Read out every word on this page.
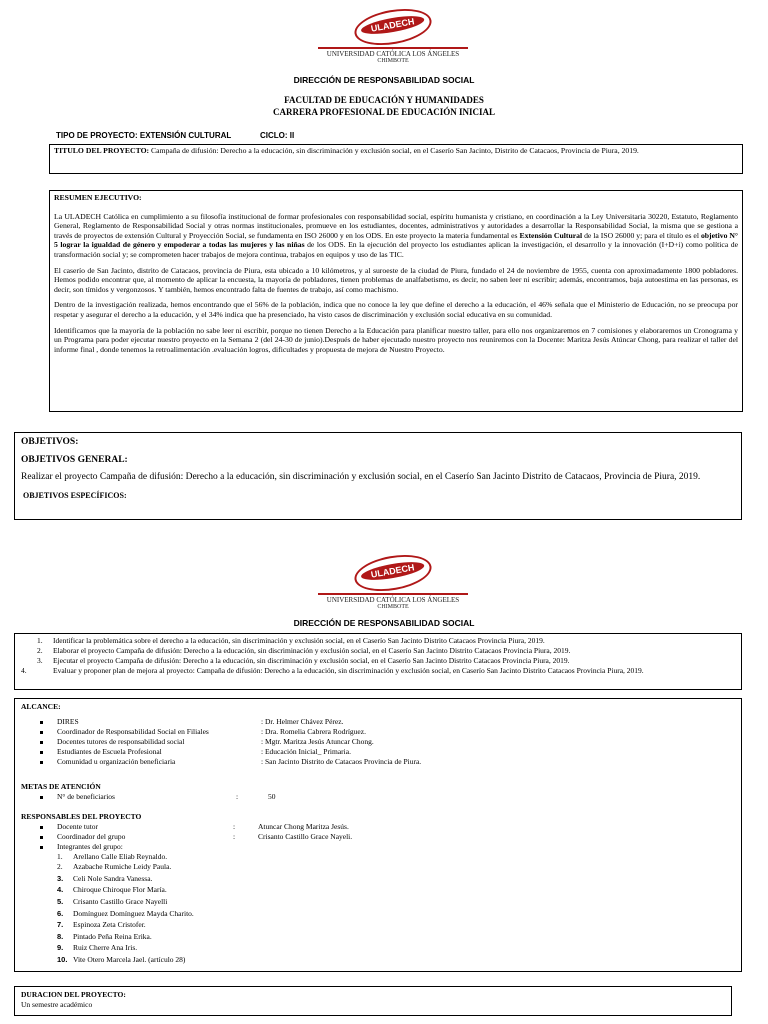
ULADECH
UNIVERSIDAD CATÓLICA LOS ÁNGELES
CHIMBOTE
DIRECCIÓN DE RESPONSABILIDAD SOCIAL
FACULTAD DE EDUCACIÓN Y HUMANIDADES
CARRERA PROFESIONAL DE EDUCACIÓN INICIAL
TIPO DE PROYECTO: EXTENSIÓN CULTURAL	CICLO: II

TITULO DEL PROYECTO: Campaña de difusión: Derecho a la educación, sin discriminación y exclusión social, en el Caserío San Jacinto, Distrito de Catacaos, Provincia de Piura, 2019.

RESUMEN EJECUTIVO:

La ULADECH Católica en cumplimiento a su filosofía institucional de formar profesionales con responsabilidad social, espíritu humanista y cristiano, en coordinación a la Ley Universitaria 30220, Estatuto, Reglamento General, Reglamento de Responsabilidad Social y otras normas institucionales, promueve en los estudiantes, docentes, administrativos y autoridades a desarrollar la Responsabilidad Social, la misma que se gestiona a través de proyectos de extensión Cultural y Proyección Social, se fundamenta en ISO 26000 y en los ODS. En este proyecto la materia fundamental es Extensión Cultural de la ISO 26000 y; para el título es el objetivo N° 5 lograr la igualdad de género y empoderar a todas las mujeres y las niñas de los ODS. En la ejecución del proyecto los estudiantes aplican la investigación, el desarrollo y la innovación (I+D+i) como política de transformación social y; se comprometen hacer trabajos de mejora continua, trabajos en equipos y uso de las TIC.

El caserío de San Jacinto, distrito de Catacaos, provincia de Piura, esta ubicado a 10 kilómetros, y al suroeste de la ciudad de Piura, fundado el 24 de noviembre de 1955, cuenta con aproximadamente 1800 pobladores. Hemos podido encontrar que, al momento de aplicar la encuesta, la mayoría de pobladores, tienen problemas de analfabetismo, es decir, no saben leer ni escribir; además, encontramos, baja autoestima en las personas, es decir, son tímidos y vergonzosos. Y también, hemos encontrado falta de fuentes de trabajo, así como machismo.

Dentro de la investigación realizada, hemos encontrando que el 56% de la población, indica que no conoce la ley que define el derecho a la educación, el 46% señala que el Ministerio de Educación, no se preocupa por respetar y asegurar el derecho a la educación, y el 34% indica que ha presenciado, ha visto casos de discriminación y exclusión social educativa en su comunidad.

Identificamos que la mayoría de la población no sabe leer ni escribir, porque no tienen Derecho a la Educación para planificar nuestro taller, para ello nos organizaremos en 7 comisiones y elaboraremos un Cronograma y un Programa para poder ejecutar nuestro proyecto en la Semana 2 (del 24-30 de junio).Después de haber ejecutado nuestro proyecto nos reuniremos con la Docente: Maritza Jesús Atúncar Chong, para realizar el taller del informe final , donde tenemos la retroalimentación .evaluación logros, dificultades y propuesta de mejora de Nuestro Proyecto.

OBJETIVOS:

OBJETIVOS GENERAL:

Realizar el proyecto Campaña de difusión: Derecho a la educación, sin discriminación y exclusión social, en el Caserío San Jacinto Distrito de Catacaos, Provincia de Piura, 2019.

OBJETIVOS ESPECÍFICOS:

ULADECH
UNIVERSIDAD CATÓLICA LOS ÁNGELES
CHIMBOTE
DIRECCIÓN DE RESPONSABILIDAD SOCIAL
1. Identificar la problemática sobre el derecho a la educación, sin discriminación y exclusión social, en el Caserío San Jacinto Distrito Catacaos Provincia Piura, 2019.
2. Elaborar el proyecto Campaña de difusión: Derecho a la educación, sin discriminación y exclusión social, en el Caserío San Jacinto Distrito Catacaos Provincia Piura, 2019.
3. Ejecutar el proyecto Campaña de difusión: Derecho a la educación, sin discriminación y exclusión social, en el Caserío San Jacinto Distrito Catacaos Provincia Piura, 2019.
4.	Evaluar y proponer plan de mejora al proyecto: Campaña de difusión: Derecho a la educación, sin discriminación y exclusión social, en Caserío San Jacinto Distrito Catacaos Provincia Piura, 2019.
ALCANCE:
DIRES	: Dr. Helmer Chávez Pérez.
Coordinador de Responsabilidad Social en Filiales	: Dra. Romelia Cabrera Rodríguez.
Docentes tutores de responsabilidad social	: Mgtr. Maritza Jesús Atuncar Chong.
Estudiantes de Escuela Profesional	: Educación Inicial_ Primaria.
Comunidad u organización beneficiaria	: San Jacinto Distrito de Catacaos Provincia de Piura.
METAS DE ATENCIÓN
N° de beneficiarios	:	50
RESPONSABLES DEL PROYECTO
Docente tutor	:	Atuncar Chong Maritza Jesús.
Coordinador del grupo	:	Crisanto Castillo Grace Nayeli.
Integrantes del grupo:
1. Arellano Calle Eliab Reynaldo.
2. Azabache Rumiche Leidy Paula.
3. Celi Nole Sandra Vanessa.
4. Chiroque Chiroque Flor María.
5. Crisanto Castillo Grace Nayelli
6. Domínguez Domínguez Mayda Charito.
7. Espinoza Zeta Cristofer.
8. Pintado Peña Reina Erika.
9. Ruiz Cherre Ana Iris.
10. Vite Otero Marcela Jael. (artículo 28)
DURACION DEL PROYECTO:
Un semestre académico
